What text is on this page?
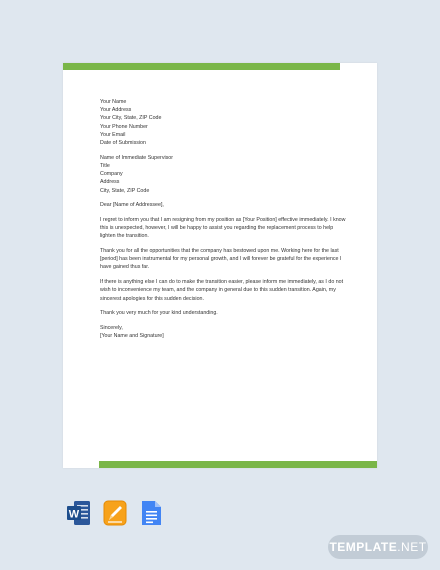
Your Name
Your Address
Your City, State, ZIP Code
Your Phone Number
Your Email
Date of Submission

Name of Immediate Supervisor
Title
Company
Address
City, State, ZIP Code

Dear [Name of Addressee],

I regret to inform you that I am resigning from my position as [Your Position] effective immediately. I know this is unexpected, however, I will be happy to assist you regarding the replacement process to help lighten the transition.

Thank you for all the opportunities that the company has bestowed upon me. Working here for the last [period] has been instrumental for my personal growth, and I will forever be grateful for the experience I have gained thus far.

If there is anything else I can do to make the transition easier, please inform me immediately, as I do not wish to inconvenience my team, and the company in general due to this sudden transition. Again, my sincerest apologies for this sudden decision.

Thank you very much for your kind understanding.

Sincerely,
[Your Name and Signature]

W
TEMPLATE.NET
